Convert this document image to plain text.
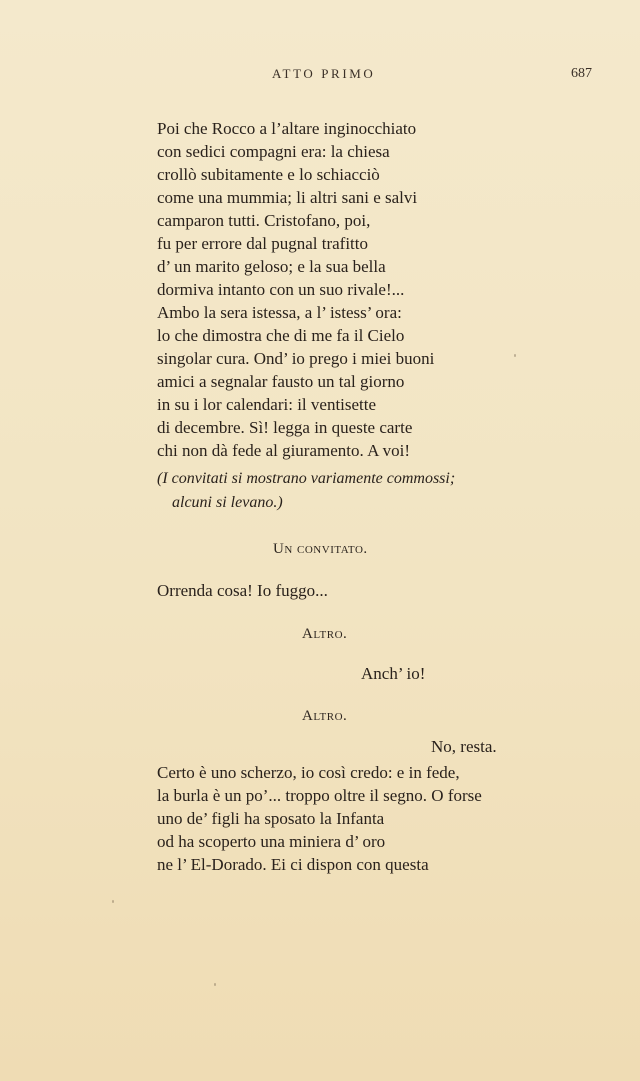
ATTO PRIMO	687
Poi che Rocco a l’altare inginocchiato
con sedici compagni era: la chiesa
crollò subitamente e lo schiacciò
come una mummia; li altri sani e salvi
camparon tutti. Cristofano, poi,
fu per errore dal pugnal trafitto
d’ un marito geloso; e la sua bella
dormiva intanto con un suo rivale!...
Ambo la sera istessa, a l’ istess’ ora:
lo che dimostra che di me fa il Cielo
singolar cura. Ond’ io prego i miei buoni
amici a segnalar fausto un tal giorno
in su i lor calendari: il ventisette
di decembre. Sì! legga in queste carte
chi non dà fede al giuramento. A voi!
(I convitati si mostrano variamente commossi;
alcuni si levano.)
Un convitato.
Orrenda cosa! Io fuggo...
Altro.
Anch’ io!
Altro.
No, resta.
Certo è uno scherzo, io così credo: e in fede,
la burla è un po’... troppo oltre il segno. O forse
uno de’ figli ha sposato la Infanta
od ha scoperto una miniera d’ oro
ne l’ El-Dorado. Ei ci dispon con questa
